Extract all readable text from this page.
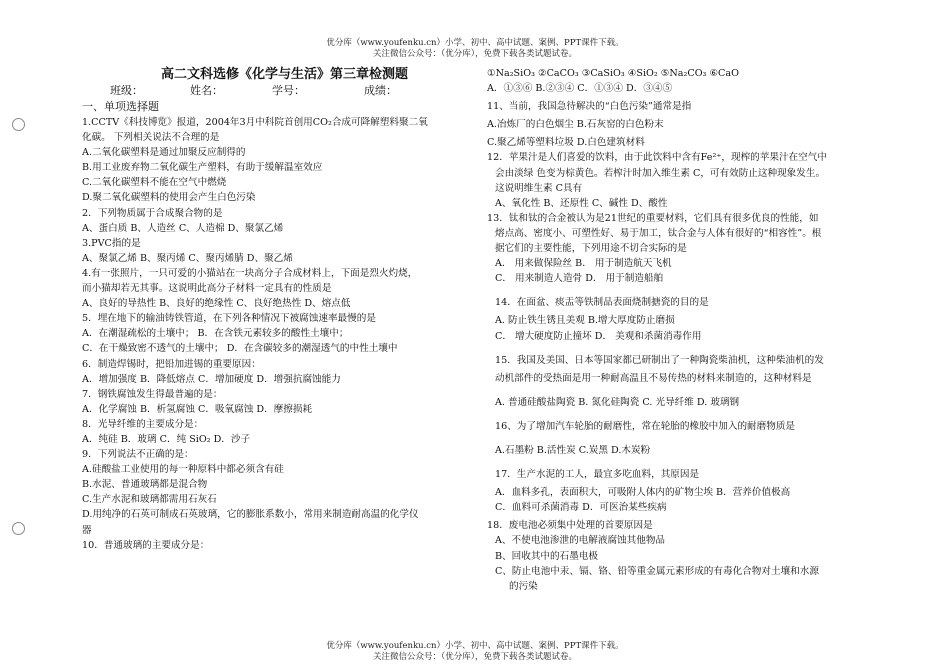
优分库（www.youfenku.cn）小学、初中、高中试题、案例、PPT课件下载。
关注微信公众号：（优分库），免费下载各类试题试卷。
高二文科选修《化学与生活》第三章检测题
班级：	姓名：	学号：	成绩：
一、单项选择题
1.CCTV《科技博览》报道，2004年3月中科院首创用CO₂合成可降解塑料聚二氧
化碳。 下列相关说法不合理的是
A.二氧化碳塑料是通过加聚反应制得的
B.用工业废弃物二氧化碳生产塑料，有助于缓解温室效应
C.二氧化碳塑料不能在空气中燃烧
D.聚二氧化碳塑料的使用会产生白色污染
2．下列物质属于合成聚合物的是
A、蛋白质 B、人造丝 C、人造棉 D、聚氯乙烯
3.PVC指的是
A、聚氯乙烯 B、聚丙烯 C、聚丙烯腈 D、聚乙烯
4.有一张照片，一只可爱的小猫站在一块高分子合成材料上，下面是烈火灼烧，
而小猫却若无其事。这说明此高分子材料一定具有的性质是
A、良好的导热性 B、良好的绝缘性 C、良好绝热性 D、熔点低
5．埋在地下的输油铸铁管道，在下列各种情况下被腐蚀速率最慢的是
A．在潮湿疏松的土壤中； B．在含铁元素较多的酸性土壤中；
C．在干燥致密不透气的土壤中； D．在含碳较多的潮湿透气的中性土壤中
6．制造焊锡时，把铅加进锡的重要原因：
A．增加强度 B．降低熔点 C．增加硬度 D．增强抗腐蚀能力
7．钢铁腐蚀发生得最普遍的是：
A．化学腐蚀 B．析氢腐蚀 C．吸氧腐蚀 D．摩擦损耗
8．光导纤维的主要成分是：
A．纯硅 B．玻璃 C．纯 SiO₂ D．沙子
9．下列说法不正确的是：
A.硅酸盐工业使用的每一种原料中都必须含有硅
B.水泥、普通玻璃都是混合物
C.生产水泥和玻璃都需用石灰石
D.用纯净的石英可制成石英玻璃，它的膨胀系数小，常用来制造耐高温的化学仪
器
10．普通玻璃的主要成分是：
①Na₂SiO₃ ②CaCO₃ ③CaSiO₃ ④SiO₂ ⑤Na₂CO₃ ⑥CaO
A．①③⑥ B.②③④ C．①③④ D．③④⑤
11、当前，我国急待解决的“白色污染”通常是指
A.冶炼厂的白色烟尘 B.石灰窑的白色粉末
C.聚乙烯等塑料垃圾 D.白色建筑材料
12．苹果汁是人们喜爱的饮料，由于此饮料中含有Fe²⁺，现榨的苹果汁在空气中
会由淡绿 色变为棕黄色。若榨汁时加入维生素 C，可有效防止这种现象发生。
这说明维生素 C具有
A、氧化性 B、还原性 C、碱性 D、酸性
13．钛和钛的合金被认为是21世纪的重要材料，它们具有很多优良的性能，如
熔点高、密度小、可塑性好、易于加工，钛合金与人体有很好的“相容性”。根
据它们的主要性能，下列用途不切合实际的是
A． 用来做保险丝 B． 用于制造航天飞机
C． 用来制造人造骨 D． 用于制造船舶
14．在面盆、痰盂等铁制品表面烧制搪瓷的目的是
A. 防止铁生锈且美观 B.增大厚度防止磨损
C． 增大硬度防止撞坏 D． 美观和杀菌消毒作用
15．我国及美国、日本等国家都已研制出了一种陶瓷柴油机，这种柴油机的发
动机部件的受热面是用一种耐高温且不易传热的材料来制造的，这种材料是
A. 普通硅酸盐陶瓷 B. 氮化硅陶瓷 C. 光导纤维 D. 玻璃钢
16、为了增加汽车轮胎的耐磨性，常在轮胎的橡胶中加入的耐磨物质是
A.石墨粉 B.活性炭 C.炭黑 D.木炭粉
17．生产水泥的工人，最宜多吃血料，其原因是
A．血料多孔，表面积大，可吸附人体内的矿物尘埃 B．营养价值极高
C．血料可杀菌消毒 D．可医治某些疾病
18．废电池必须集中处理的首要原因是
A、不使电池渗泄的电解液腐蚀其他物品
B、回收其中的石墨电极
C、防止电池中汞、镉、铬、铅等重金属元素形成的有毒化合物对土壤和水源
的污染
优分库（www.youfenku.cn）小学、初中、高中试题、案例、PPT课件下载。
关注微信公众号：（优分库），免费下载各类试题试卷。
